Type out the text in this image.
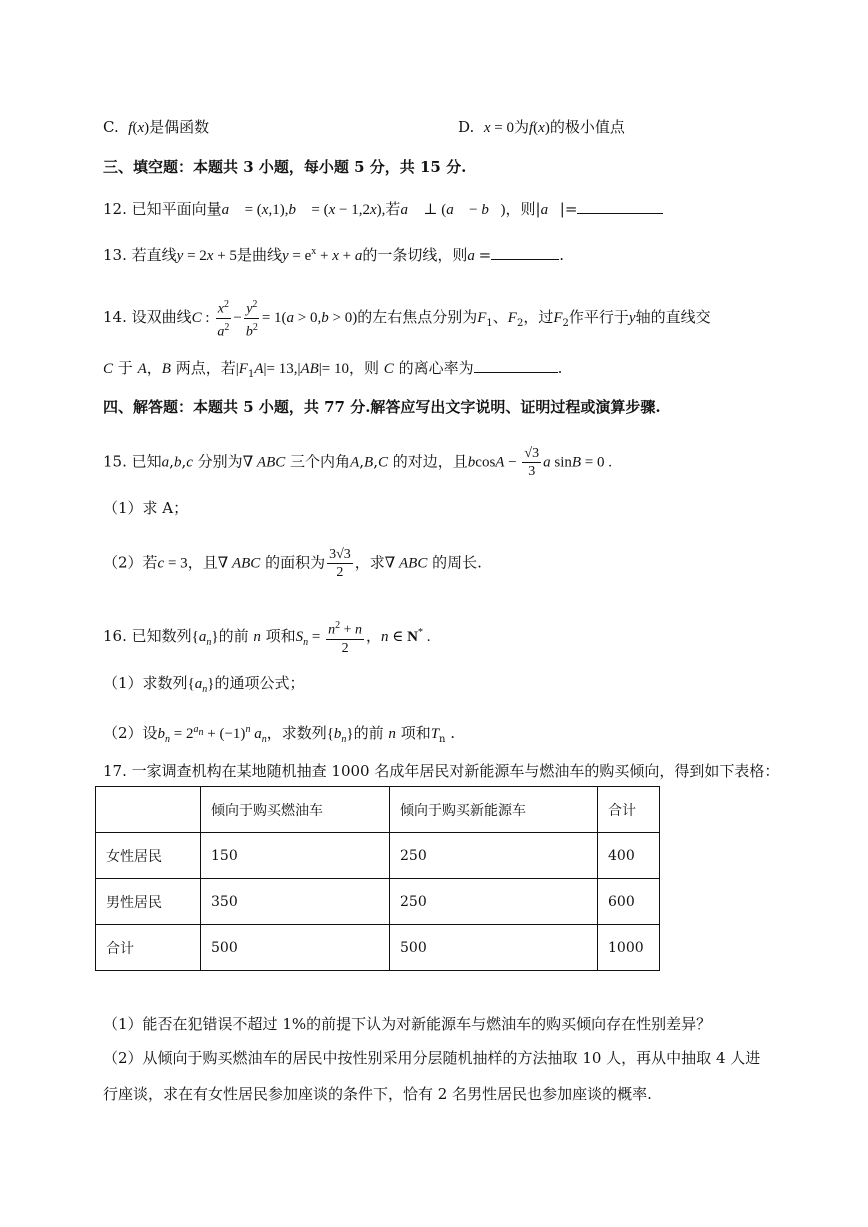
C. f(x)是偶函数	D. x = 0为f(x)的极小值点
三、填空题：本题共 3 小题，每小题 5 分，共 15 分.
12. 已知平面向量a⃗ = (x,1),b⃗ = (x − 1,2x),若a⃗ ⊥ (a⃗ − b⃗)，则|a⃗|=
13. 若直线y = 2x + 5是曲线$y = e^x + x + a$的一条切线，则a =	.
14. 设双曲线C : $\frac{x^2}{a^2} - \frac{y^2}{b^2} = 1(a > 0,b > 0)$的左右焦点分别为$F_1$、$F_2$，过$F_2$作平行于y轴的直线交
C 于 A，B 两点，若$|F_1A|= 13,|AB|= 10$，则 C 的离心率为	.
四、解答题：本题共 5 小题，共 77 分.解答应写出文字说明、证明过程或演算步骤.
15. 已知a,b,c 分别为∇ ABC 三个内角A,B,C 的对边，且$bcosA - \frac{√3}{3}$ a sinB = 0 .
（1）求 A；
（2）若c = 3，且∇ ABC 的面积为 $\frac{3√3}{2}$ ，求∇ ABC 的周长.
16. 已知数列$\{a_n\}$的前 n 项和$S_n = \frac{n^2 + n}{2}$ ，n ∈ N* .
（1）求数列$\{a_n\}$的通项公式；
（2）设$b_n = 2^{a_n} + (-1)^n$ $a_n$，求数列$\{b_n\}$的前 n 项和$T_n$ .
17. 一家调查机构在某地随机抽查 1000 名成年居民对新能源车与燃油车的购买倾向，得到如下表格：
	倾向于购买燃油车	倾向于购买新能源车	合计
女性居民	150	250	400
男性居民	350	250	600
合计	500	500	1000
（1）能否在犯错误不超过 1%的前提下认为对新能源车与燃油车的购买倾向存在性别差异？
（2）从倾向于购买燃油车的居民中按性别采用分层随机抽样的方法抽取 10 人，再从中抽取 4 人进
行座谈，求在有女性居民参加座谈的条件下，恰有 2 名男性居民也参加座谈的概率.
